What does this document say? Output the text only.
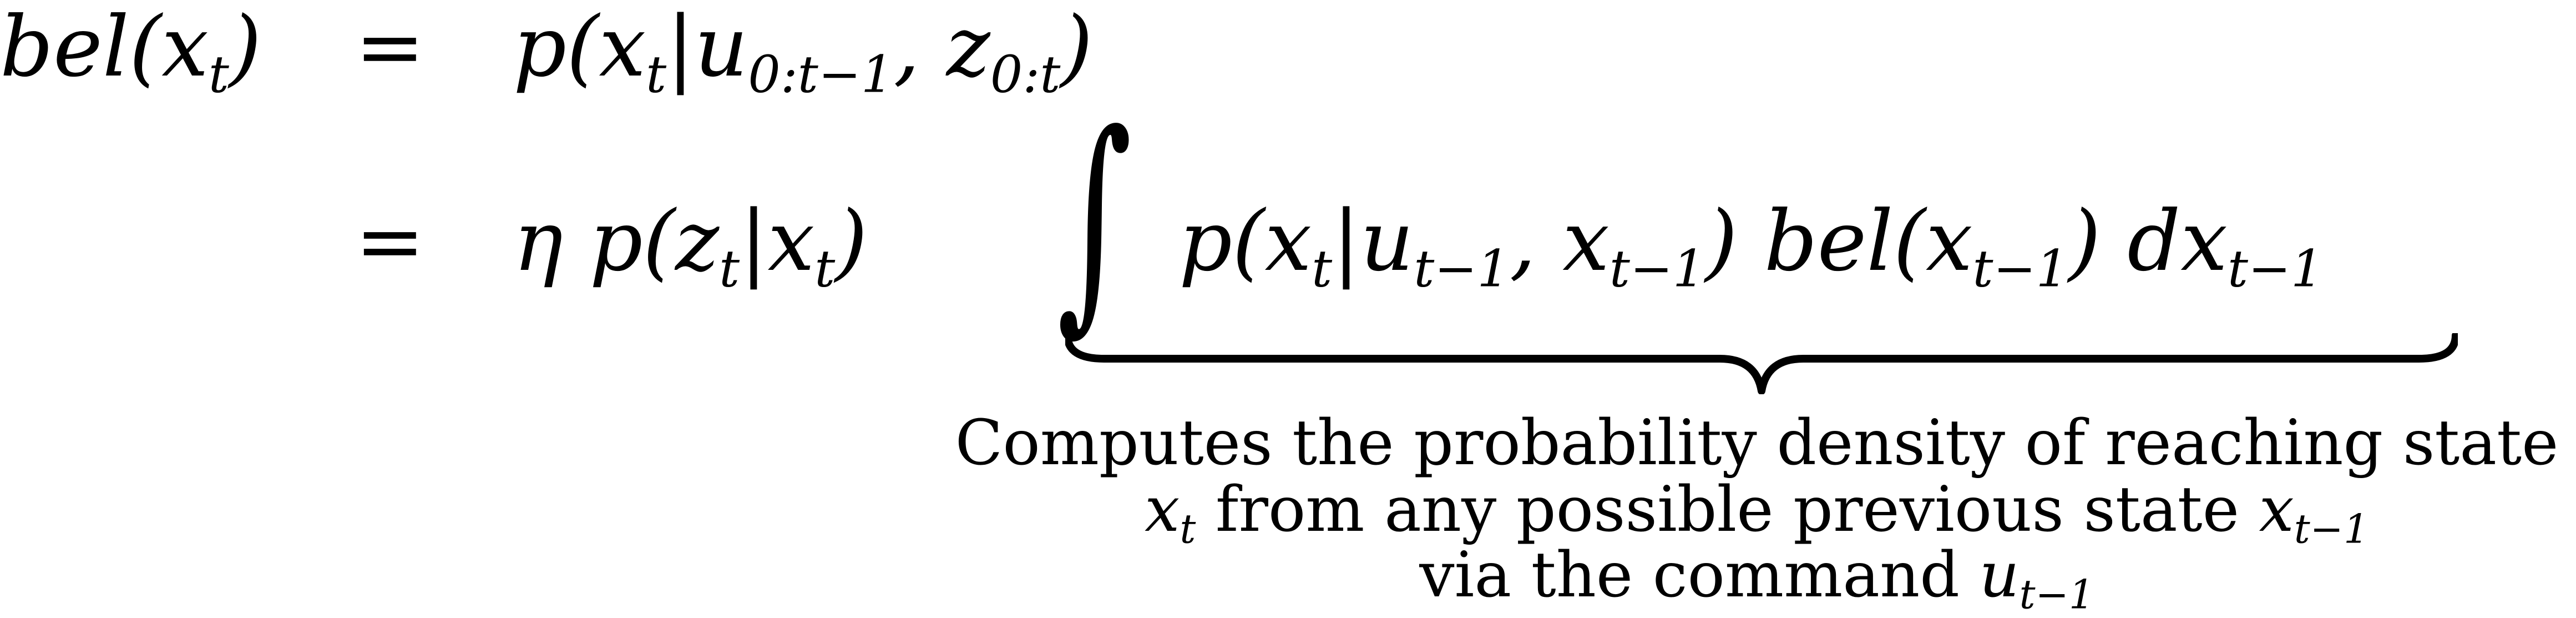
$bel(x_t) = p(x_t|u_{0:t-1}$, $z_{0:t}$)
= η $p(z_t|x_t)$ ∫ $p(x_t|u_{t-1}$, $x_{t-1}$) $bel(x_{t-1})$ $dx_{t-1}$
Computes the probability density of reaching state
$x_t$ from any possible previous state $x_{t-1}$
via the command $u_{t-1}$
